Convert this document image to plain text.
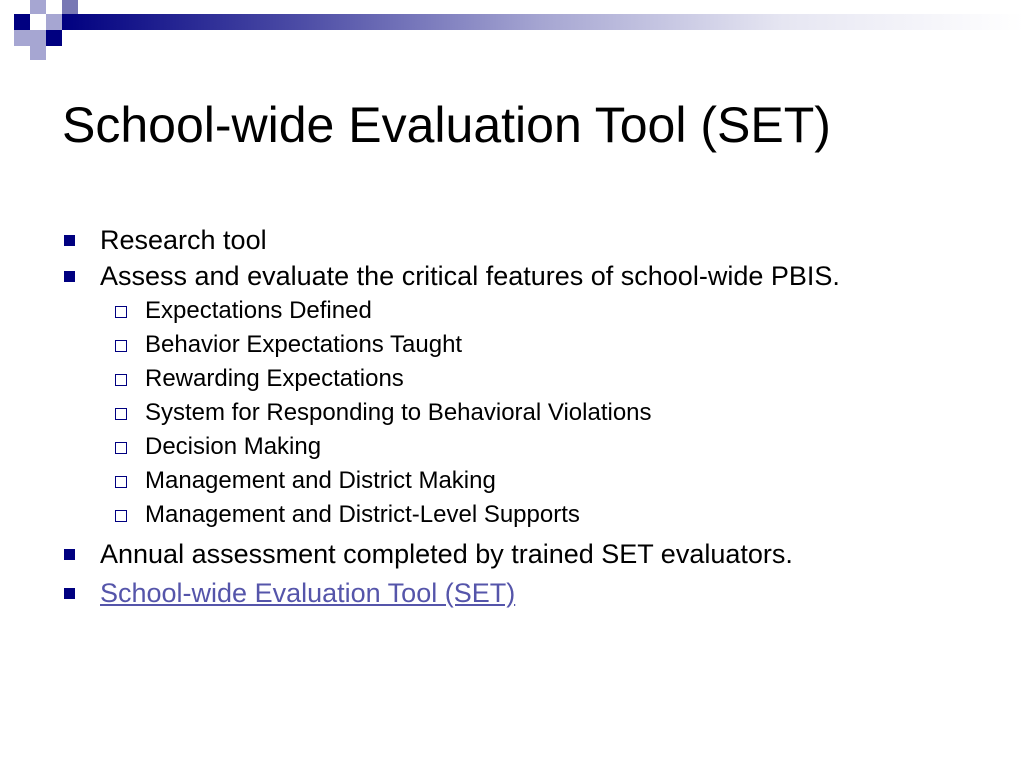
School-wide Evaluation Tool (SET)
Research tool
Assess and evaluate the critical features of school-wide PBIS.
Expectations Defined
Behavior Expectations Taught
Rewarding Expectations
System for Responding to Behavioral Violations
Decision Making
Management and District Making
Management and District-Level Supports
Annual assessment completed by trained SET evaluators.
School-wide Evaluation Tool (SET)
